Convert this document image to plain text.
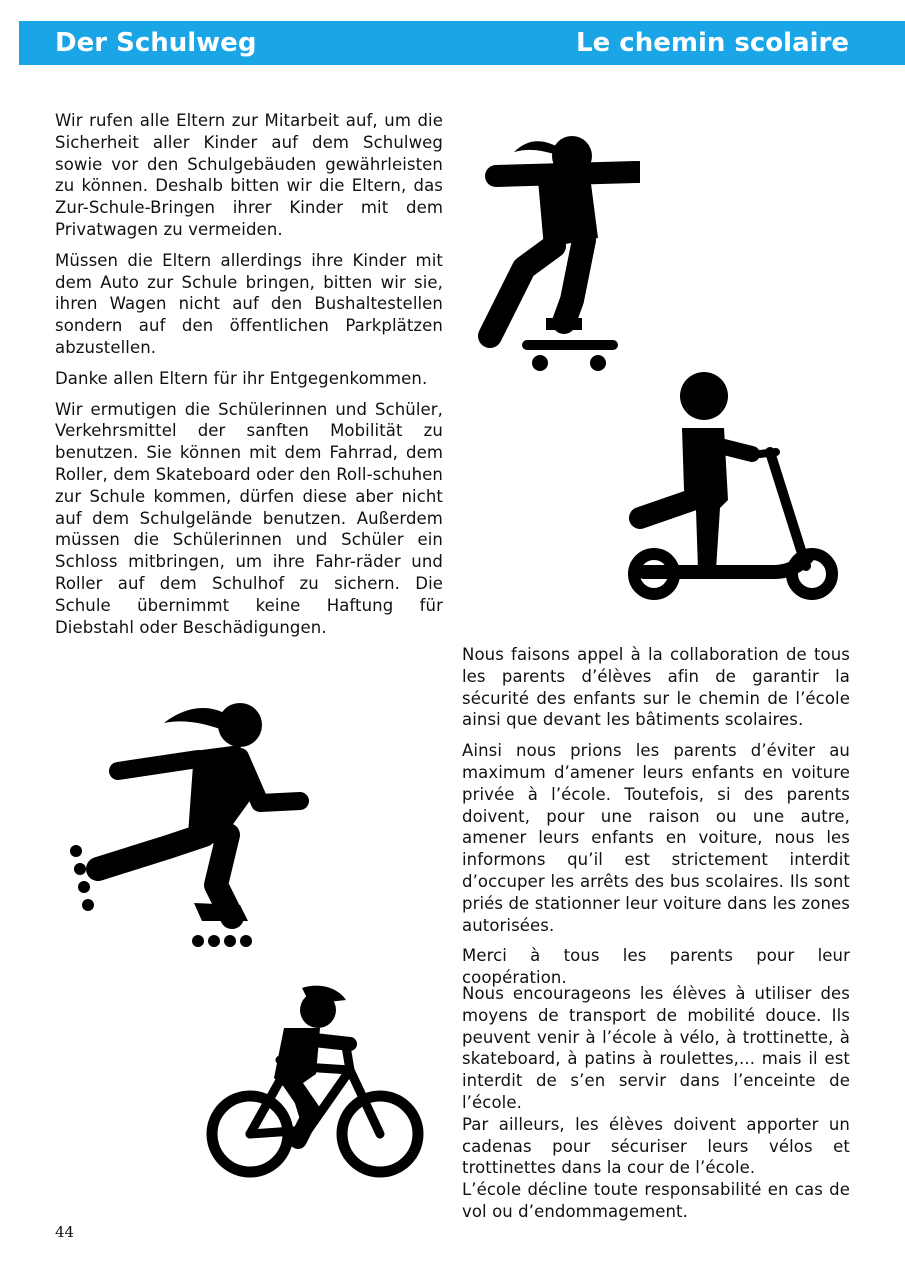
Der Schulweg	Le chemin scolaire

Wir rufen alle Eltern zur Mitarbeit auf, um die Sicherheit aller Kinder auf dem Schulweg sowie vor den Schulgebäuden gewährleisten zu können. Deshalb bitten wir die Eltern, das Zur-Schule-Bringen ihrer Kinder mit dem Privatwagen zu vermeiden.

Müssen die Eltern allerdings ihre Kinder mit dem Auto zur Schule bringen, bitten wir sie, ihren Wagen nicht auf den Bushaltestellen sondern auf den öffentlichen Parkplätzen abzustellen.

Danke allen Eltern für ihr Entgegenkommen.

Wir ermutigen die Schülerinnen und Schüler, Verkehrsmittel der sanften Mobilität zu benutzen. Sie können mit dem Fahrrad, dem Roller, dem Skateboard oder den Roll-schuhen zur Schule kommen, dürfen diese aber nicht auf dem Schulgelände benutzen. Außerdem müssen die Schülerinnen und Schüler ein Schloss mitbringen, um ihre Fahr-räder und Roller auf dem Schulhof zu sichern. Die Schule übernimmt keine Haftung für Diebstahl oder Beschädigungen.

Nous faisons appel à la collaboration de tous les parents d’élèves afin de garantir la sécurité des enfants sur le chemin de l’école ainsi que devant les bâtiments scolaires.

Ainsi nous prions les parents d’éviter au maximum d’amener leurs enfants en voiture privée à l’école. Toutefois, si des parents doivent, pour une raison ou une autre, amener leurs enfants en voiture, nous les informons qu’il est strictement interdit d’occuper les arrêts des bus scolaires. Ils sont priés de stationner leur voiture dans les zones autorisées.

Merci à tous les parents pour leur coopération.

Nous encourageons les élèves à utiliser des moyens de transport de mobilité douce. Ils peuvent venir à l’école à vélo, à trottinette, à skateboard, à patins à roulettes,... mais il est interdit de s’en servir dans l’enceinte de l’école.

Par ailleurs, les élèves doivent apporter un cadenas pour sécuriser leurs vélos et trottinettes dans la cour de l’école.

L’école décline toute responsabilité en cas de vol ou d’endommagement.

44
